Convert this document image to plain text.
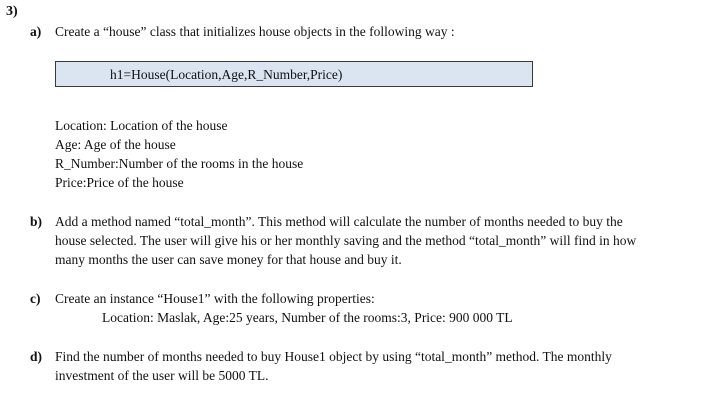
3)
a) Create a “house” class that initializes house objects in the following way :
h1=House(Location,Age,R_Number,Price)
Location: Location of the house
Age: Age of the house
R_Number:Number of the rooms in the house
Price:Price of the house
b) Add a method named “total_month”. This method will calculate the number of months needed to buy the
house selected. The user will give his or her monthly saving and the method “total_month” will find in how
many months the user can save money for that house and buy it.
c) Create an instance “House1” with the following properties:
Location: Maslak, Age:25 years, Number of the rooms:3, Price: 900 000 TL
d) Find the number of months needed to buy House1 object by using “total_month” method. The monthly
investment of the user will be 5000 TL.
